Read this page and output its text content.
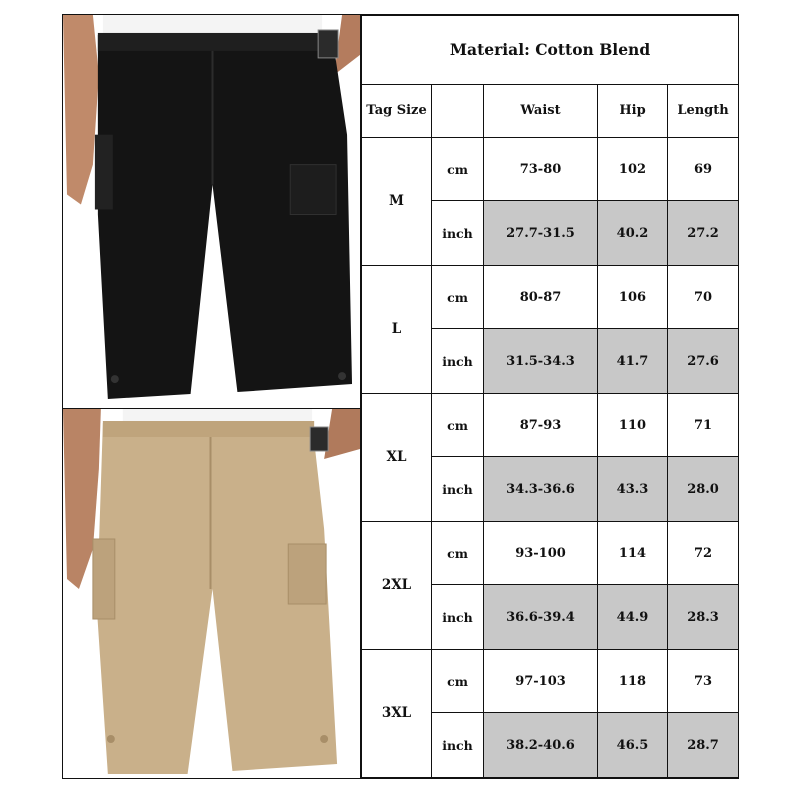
Material: Cotton Blend				
Tag Size		Waist	Hip	Length
M	cm	73-80	102	69
	inch	27.7-31.5	40.2	27.2
L	cm	80-87	106	70
	inch	31.5-34.3	41.7	27.6
XL	cm	87-93	110	71
	inch	34.3-36.6	43.3	28.0
2XL	cm	93-100	114	72
	inch	36.6-39.4	44.9	28.3
3XL	cm	97-103	118	73
	inch	38.2-40.6	46.5	28.7
